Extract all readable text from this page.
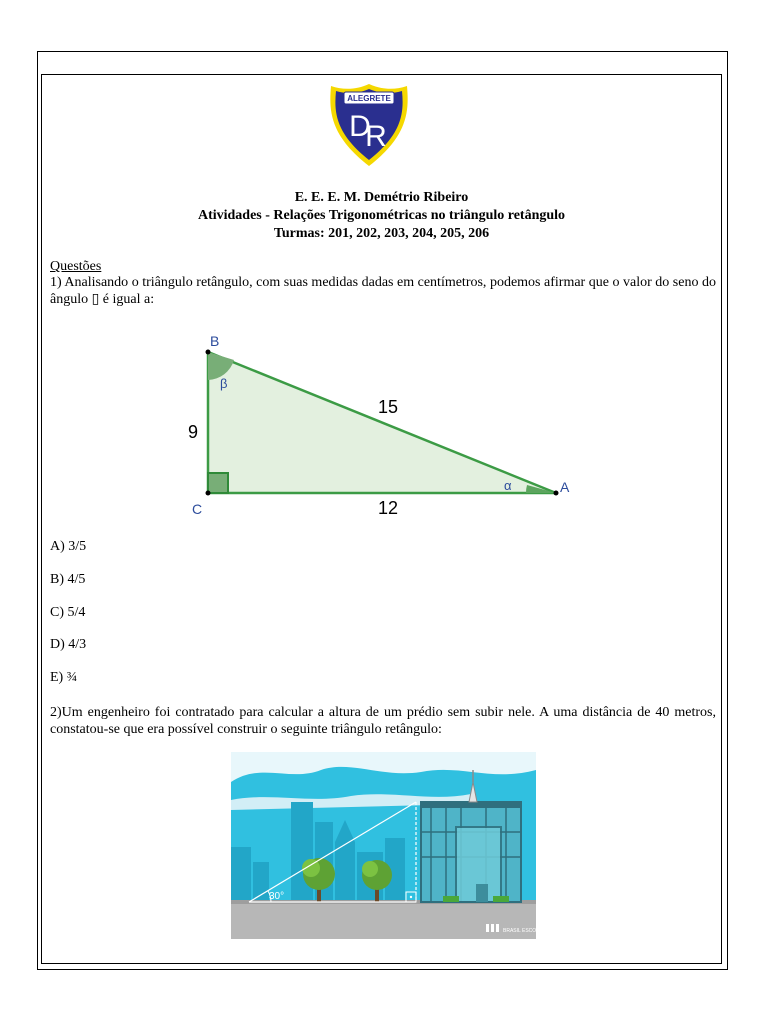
ALEGRETE
D
R
E. E. E. M. Demétrio Ribeiro
Atividades - Relações Trigonométricas no triângulo retângulo
Turmas: 201, 202, 203, 204, 205, 206
Questões
1) Analisando o triângulo retângulo, com suas medidas dadas em centímetros, podemos afirmar que o valor do seno do ângulo ▯ é igual a:
B
C
A
9
15
12
β
α
A) 3/5
B) 4/5
C) 5/4
D) 4/3
E) ¾
2)Um engenheiro foi contratado para calcular a altura de um prédio sem subir nele. A uma distância de 40 metros, constatou-se que era possível construir o seguinte triângulo retângulo:
30°
BRASIL ESCOLA
